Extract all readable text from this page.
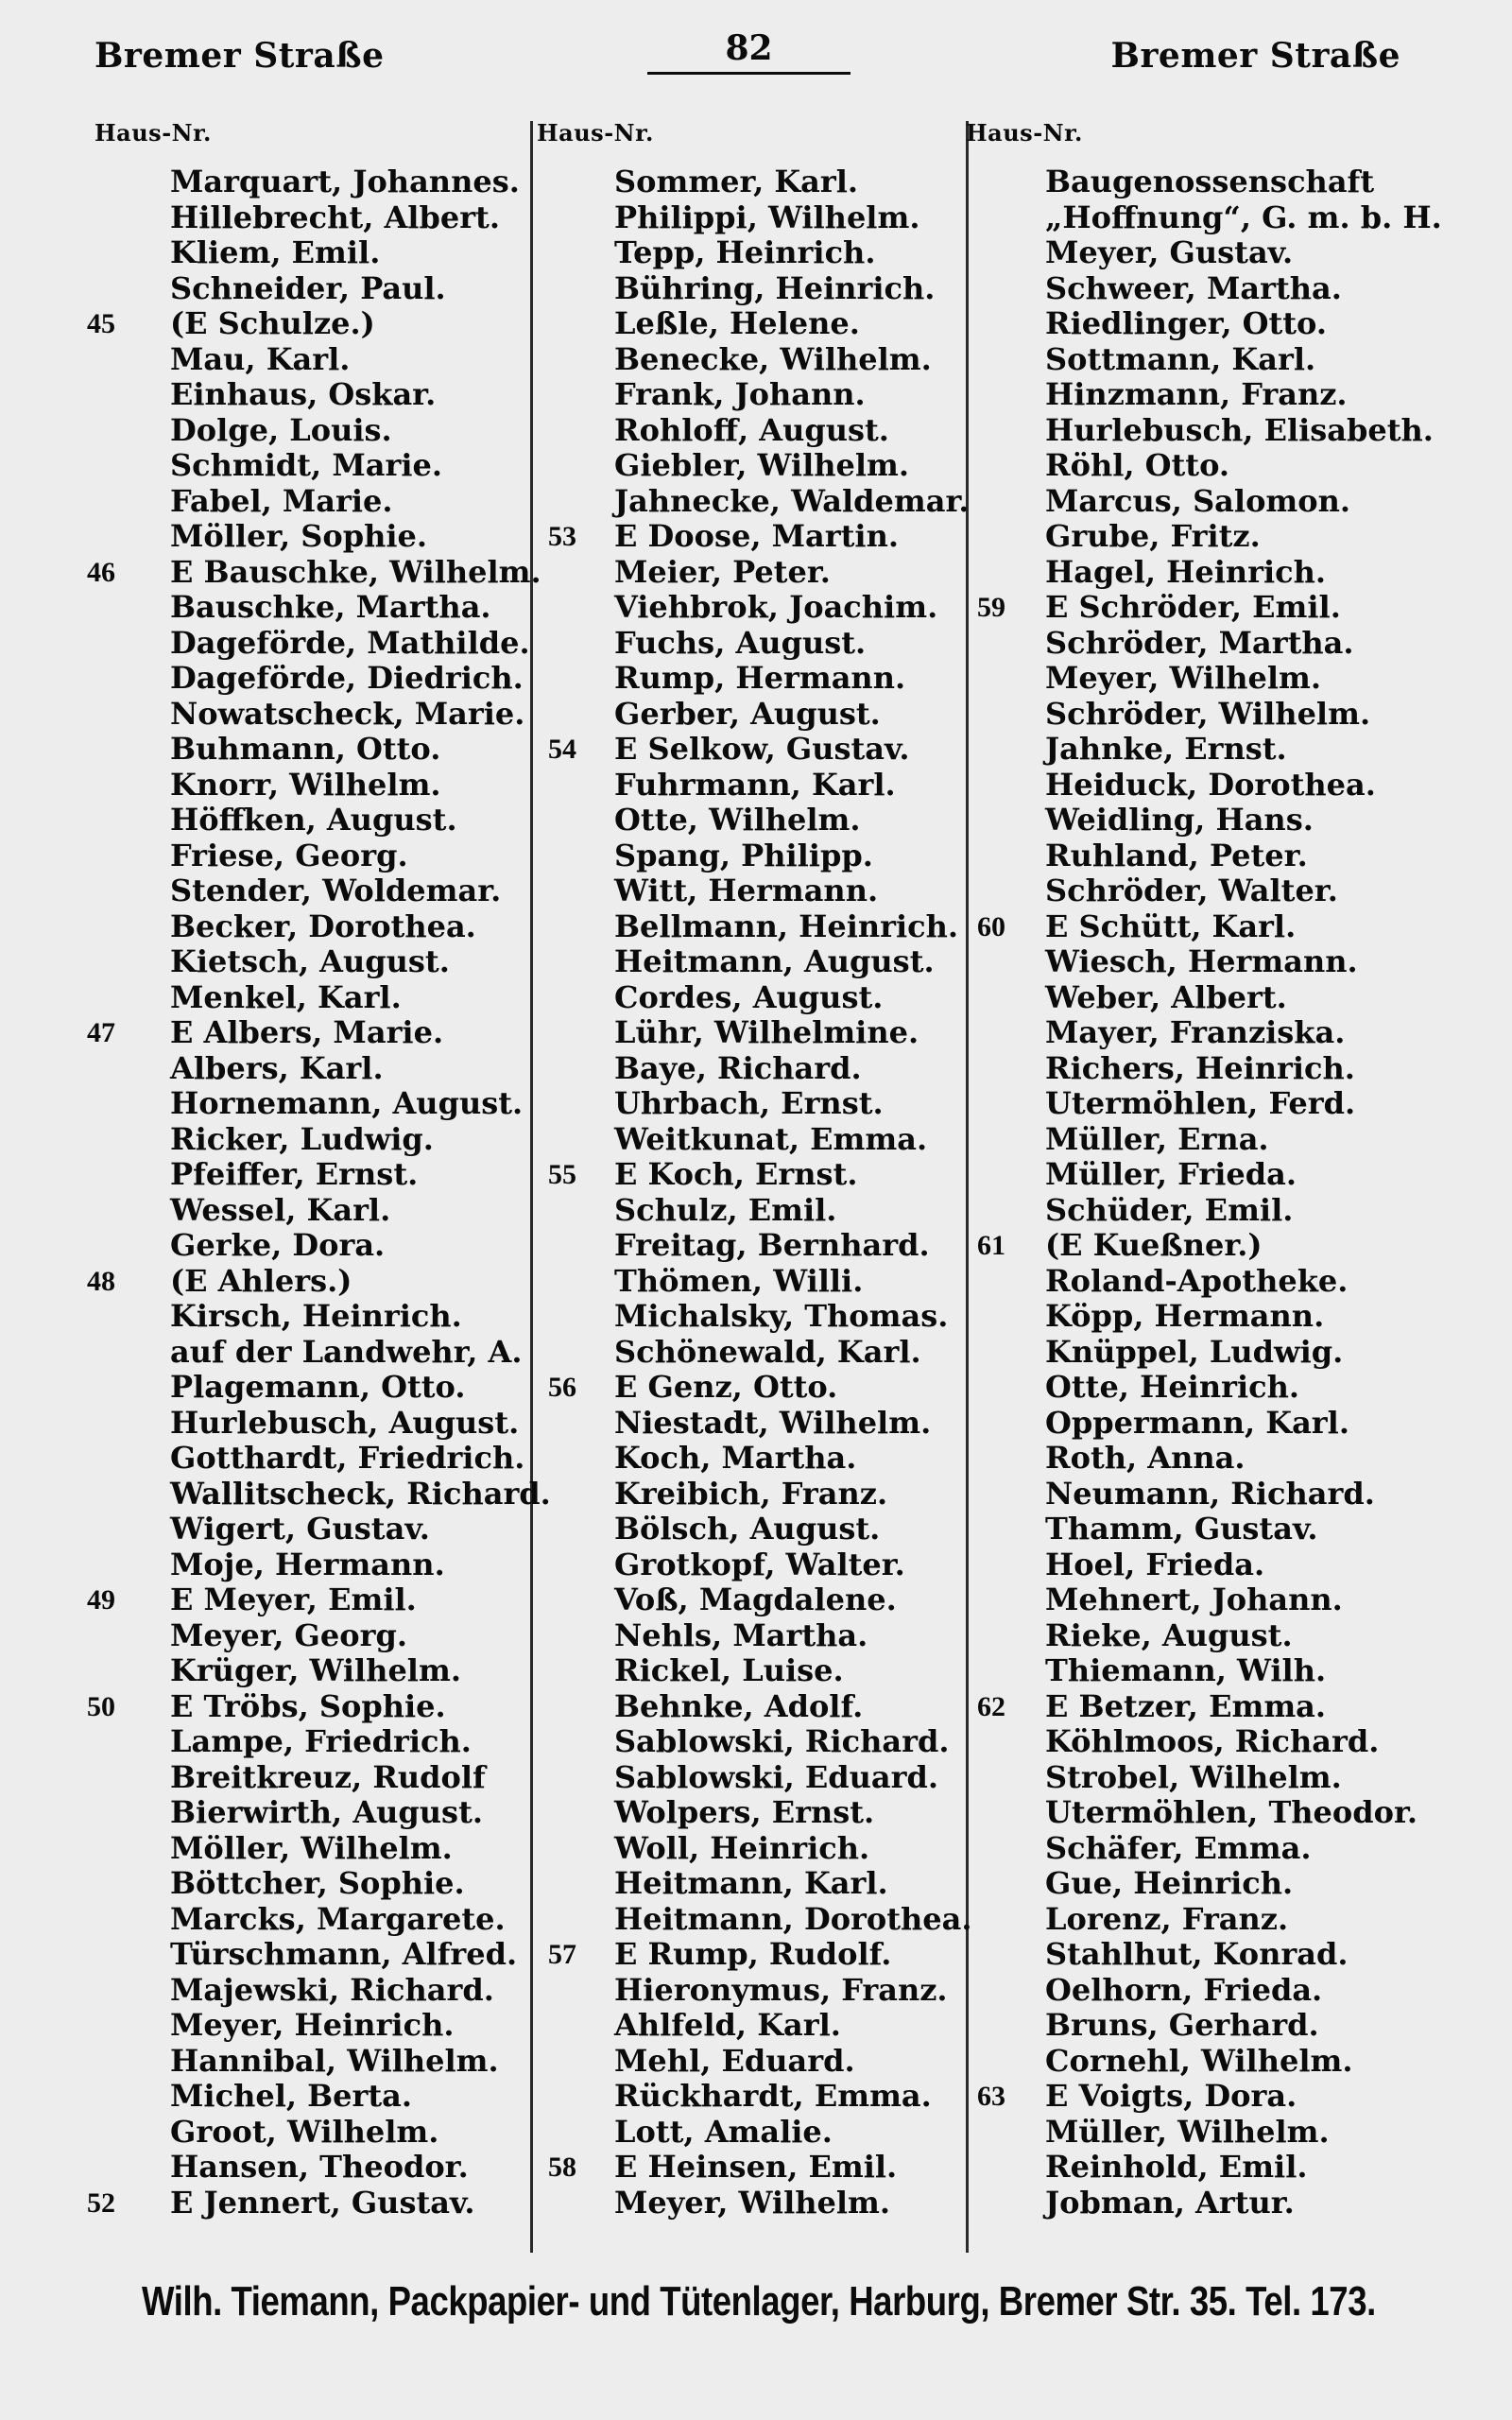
Bremer Straße	82	Bremer Straße
Haus-Nr.
Marquart, Johannes.
Hillebrecht, Albert.
Kliem, Emil.
Schneider, Paul.
45 (E Schulze.)
Mau, Karl.
Einhaus, Oskar.
Dolge, Louis.
Schmidt, Marie.
Fabel, Marie.
Möller, Sophie.
46 E Bauschke, Wilhelm.
Bauschke, Martha.
Dageförde, Mathilde.
Dageförde, Diedrich.
Nowatscheck, Marie.
Buhmann, Otto.
Knorr, Wilhelm.
Höffken, August.
Friese, Georg.
Stender, Woldemar.
Becker, Dorothea.
Kietsch, August.
Menkel, Karl.
47 E Albers, Marie.
Albers, Karl.
Hornemann, August.
Ricker, Ludwig.
Pfeiffer, Ernst.
Wessel, Karl.
Gerke, Dora.
48 (E Ahlers.)
Kirsch, Heinrich.
auf der Landwehr, A.
Plagemann, Otto.
Hurlebusch, August.
Gotthardt, Friedrich.
Wallitscheck, Richard.
Wigert, Gustav.
Moje, Hermann.
49 E Meyer, Emil.
Meyer, Georg.
Krüger, Wilhelm.
50 E Tröbs, Sophie.
Lampe, Friedrich.
Breitkreuz, Rudolf
Bierwirth, August.
Möller, Wilhelm.
Böttcher, Sophie.
Marcks, Margarete.
Türschmann, Alfred.
Majewski, Richard.
Meyer, Heinrich.
Hannibal, Wilhelm.
Michel, Berta.
Groot, Wilhelm.
Hansen, Theodor.
52 E Jennert, Gustav.
Haus-Nr.
Sommer, Karl.
Philippi, Wilhelm.
Tepp, Heinrich.
Bühring, Heinrich.
Leßle, Helene.
Benecke, Wilhelm.
Frank, Johann.
Rohloff, August.
Giebler, Wilhelm.
Jahnecke, Waldemar.
53 E Doose, Martin.
Meier, Peter.
Viehbrok, Joachim.
Fuchs, August.
Rump, Hermann.
Gerber, August.
54 E Selkow, Gustav.
Fuhrmann, Karl.
Otte, Wilhelm.
Spang, Philipp.
Witt, Hermann.
Bellmann, Heinrich.
Heitmann, August.
Cordes, August.
Lühr, Wilhelmine.
Baye, Richard.
Uhrbach, Ernst.
Weitkunat, Emma.
55 E Koch, Ernst.
Schulz, Emil.
Freitag, Bernhard.
Thömen, Willi.
Michalsky, Thomas.
Schönewald, Karl.
56 E Genz, Otto.
Niestadt, Wilhelm.
Koch, Martha.
Kreibich, Franz.
Bölsch, August.
Grotkopf, Walter.
Voß, Magdalene.
Nehls, Martha.
Rickel, Luise.
Behnke, Adolf.
Sablowski, Richard.
Sablowski, Eduard.
Wolpers, Ernst.
Woll, Heinrich.
Heitmann, Karl.
Heitmann, Dorothea.
57 E Rump, Rudolf.
Hieronymus, Franz.
Ahlfeld, Karl.
Mehl, Eduard.
Rückhardt, Emma.
Lott, Amalie.
58 E Heinsen, Emil.
Meyer, Wilhelm.
Haus-Nr.
Baugenossenschaft
„Hoffnung“, G. m. b. H.
Meyer, Gustav.
Schweer, Martha.
Riedlinger, Otto.
Sottmann, Karl.
Hinzmann, Franz.
Hurlebusch, Elisabeth.
Röhl, Otto.
Marcus, Salomon.
Grube, Fritz.
Hagel, Heinrich.
59 E Schröder, Emil.
Schröder, Martha.
Meyer, Wilhelm.
Schröder, Wilhelm.
Jahnke, Ernst.
Heiduck, Dorothea.
Weidling, Hans.
Ruhland, Peter.
Schröder, Walter.
60 E Schütt, Karl.
Wiesch, Hermann.
Weber, Albert.
Mayer, Franziska.
Richers, Heinrich.
Utermöhlen, Ferd.
Müller, Erna.
Müller, Frieda.
Schüder, Emil.
61 (E Kueßner.)
Roland-Apotheke.
Köpp, Hermann.
Knüppel, Ludwig.
Otte, Heinrich.
Oppermann, Karl.
Roth, Anna.
Neumann, Richard.
Thamm, Gustav.
Hoel, Frieda.
Mehnert, Johann.
Rieke, August.
Thiemann, Wilh.
62 E Betzer, Emma.
Köhlmoos, Richard.
Strobel, Wilhelm.
Utermöhlen, Theodor.
Schäfer, Emma.
Gue, Heinrich.
Lorenz, Franz.
Stahlhut, Konrad.
Oelhorn, Frieda.
Bruns, Gerhard.
Cornehl, Wilhelm.
63 E Voigts, Dora.
Müller, Wilhelm.
Reinhold, Emil.
Jobman, Artur.
Wilh. Tiemann, Packpapier- und Tütenlager, Harburg, Bremer Str. 35. Tel. 173.
